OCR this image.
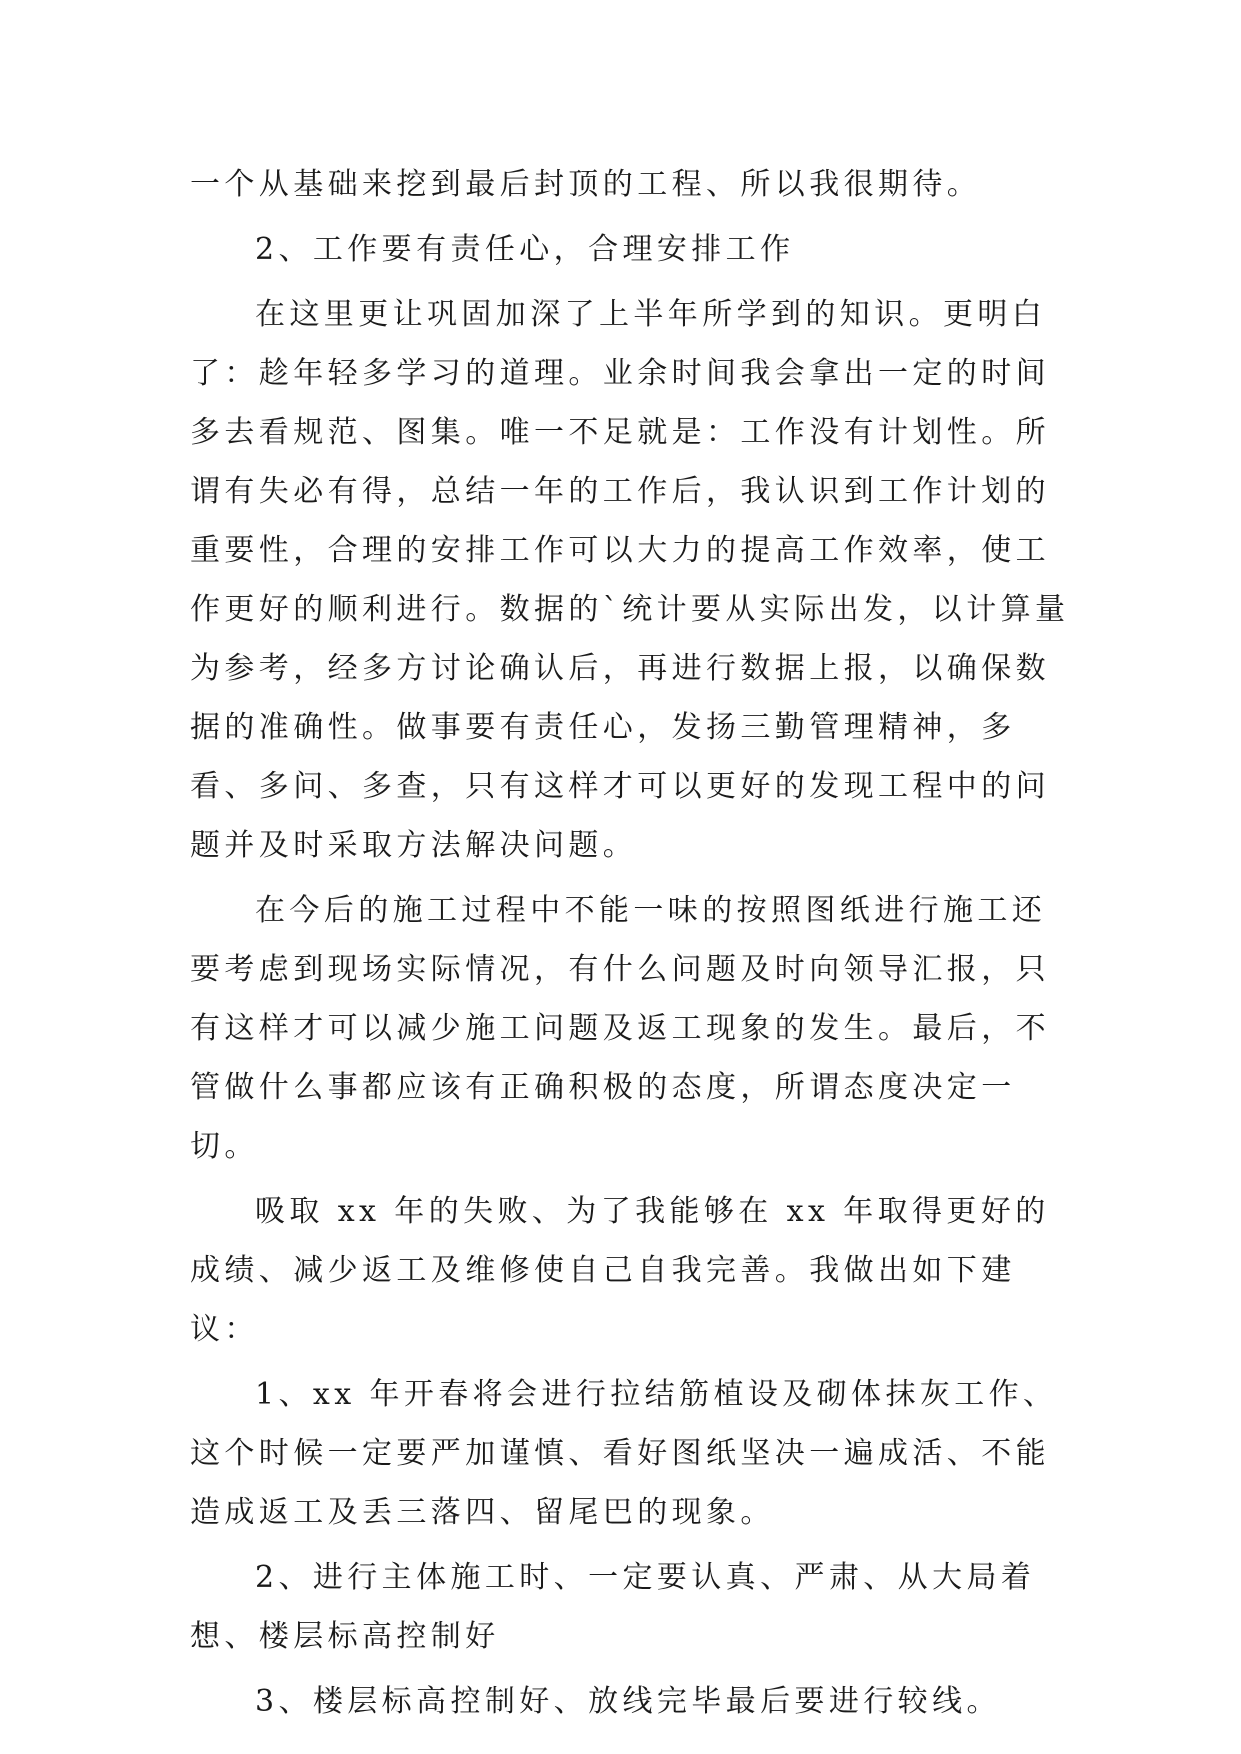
一个从基础来挖到最后封顶的工程、所以我很期待。

2、工作要有责任心，合理安排工作

在这里更让巩固加深了上半年所学到的知识。更明白了：趁年轻多学习的道理。业余时间我会拿出一定的时间多去看规范、图集。唯一不足就是：工作没有计划性。所谓有失必有得，总结一年的工作后，我认识到工作计划的重要性，合理的安排工作可以大力的提高工作效率，使工作更好的顺利进行。数据的`统计要从实际出发，以计算量为参考，经多方讨论确认后，再进行数据上报，以确保数据的准确性。做事要有责任心，发扬三勤管理精神，多看、多问、多查，只有这样才可以更好的发现工程中的问题并及时采取方法解决问题。

在今后的施工过程中不能一味的按照图纸进行施工还要考虑到现场实际情况，有什么问题及时向领导汇报，只有这样才可以减少施工问题及返工现象的发生。最后，不管做什么事都应该有正确积极的态度，所谓态度决定一切。

吸取 xx 年的失败、为了我能够在 xx 年取得更好的成绩、减少返工及维修使自己自我完善。我做出如下建议：

1、xx 年开春将会进行拉结筋植设及砌体抹灰工作、这个时候一定要严加谨慎、看好图纸坚决一遍成活、不能造成返工及丢三落四、留尾巴的现象。

2、进行主体施工时、一定要认真、严肃、从大局着想、楼层标高控制好

3、楼层标高控制好、放线完毕最后要进行较线。
